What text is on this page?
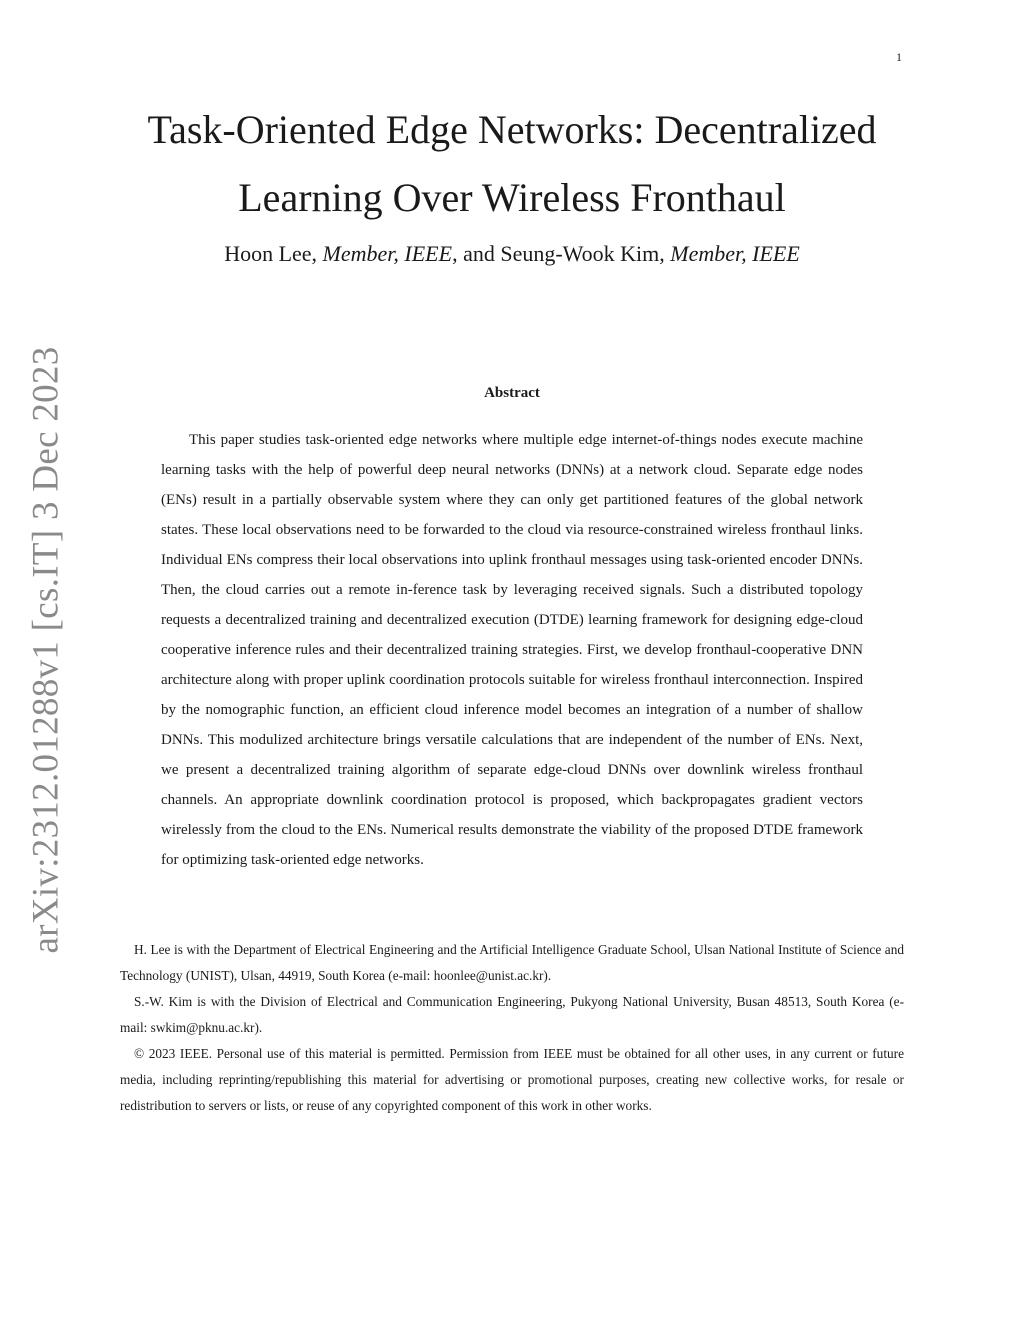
1
arXiv:2312.01288v1 [cs.IT] 3 Dec 2023
Task-Oriented Edge Networks: Decentralized
Learning Over Wireless Fronthaul
Hoon Lee, Member, IEEE, and Seung-Wook Kim, Member, IEEE
Abstract

This paper studies task-oriented edge networks where multiple edge internet-of-things nodes execute machine learning tasks with the help of powerful deep neural networks (DNNs) at a network cloud. Separate edge nodes (ENs) result in a partially observable system where they can only get partitioned features of the global network states. These local observations need to be forwarded to the cloud via resource-constrained wireless fronthaul links. Individual ENs compress their local observations into uplink fronthaul messages using task-oriented encoder DNNs. Then, the cloud carries out a remote in-ference task by leveraging received signals. Such a distributed topology requests a decentralized training and decentralized execution (DTDE) learning framework for designing edge-cloud cooperative inference rules and their decentralized training strategies. First, we develop fronthaul-cooperative DNN architecture along with proper uplink coordination protocols suitable for wireless fronthaul interconnection. Inspired by the nomographic function, an efficient cloud inference model becomes an integration of a number of shallow DNNs. This modulized architecture brings versatile calculations that are independent of the number of ENs. Next, we present a decentralized training algorithm of separate edge-cloud DNNs over downlink wireless fronthaul channels. An appropriate downlink coordination protocol is proposed, which backpropagates gradient vectors wirelessly from the cloud to the ENs. Numerical results demonstrate the viability of the proposed DTDE framework for optimizing task-oriented edge networks.

H. Lee is with the Department of Electrical Engineering and the Artificial Intelligence Graduate School, Ulsan National Institute of Science and Technology (UNIST), Ulsan, 44919, South Korea (e-mail: hoonlee@unist.ac.kr).

S.-W. Kim is with the Division of Electrical and Communication Engineering, Pukyong National University, Busan 48513, South Korea (e-mail: swkim@pknu.ac.kr).

© 2023 IEEE. Personal use of this material is permitted. Permission from IEEE must be obtained for all other uses, in any current or future media, including reprinting/republishing this material for advertising or promotional purposes, creating new collective works, for resale or redistribution to servers or lists, or reuse of any copyrighted component of this work in other works.
